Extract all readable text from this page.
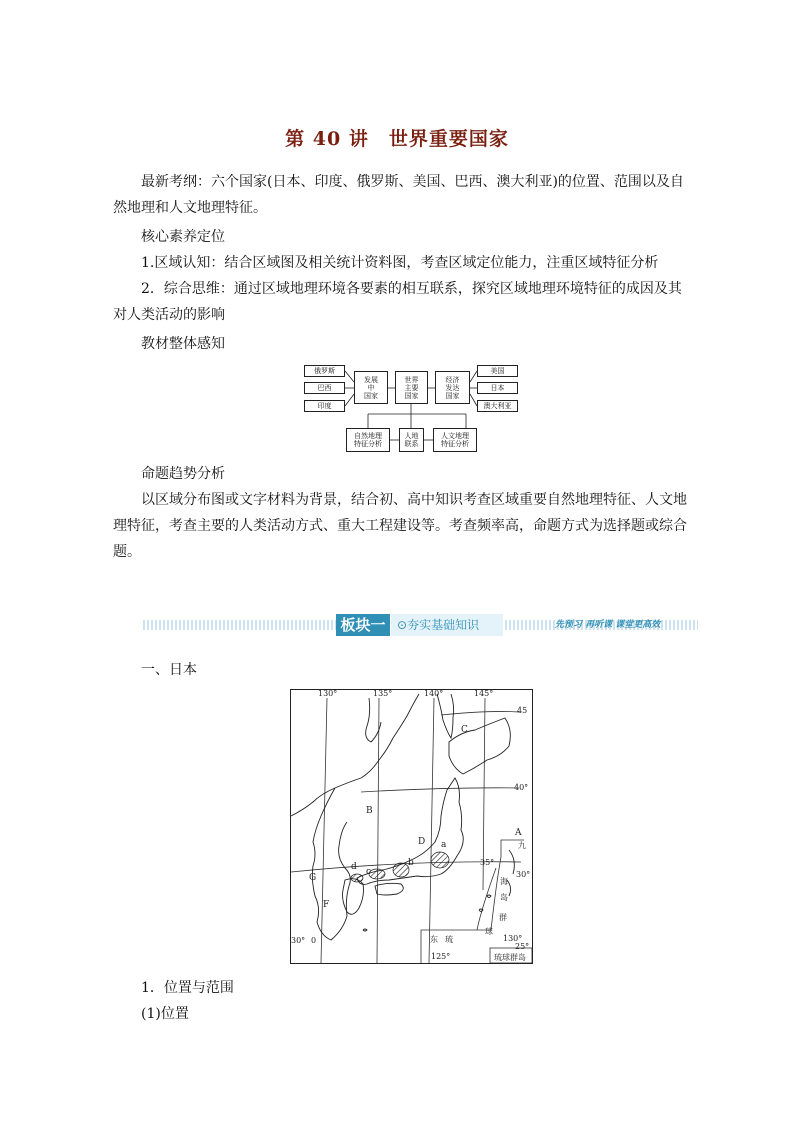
第 40 讲　世界重要国家
最新考纲：六个国家(日本、印度、俄罗斯、美国、巴西、澳大利亚)的位置、范围以及自然地理和人文地理特征。
核心素养定位
1.区域认知：结合区域图及相关统计资料图，考查区域定位能力，注重区域特征分析
2．综合思维：通过区域地理环境各要素的相互联系，探究区域地理环境特征的成因及其对人类活动的影响
教材整体感知
俄罗斯
巴西
印度
发展
中
国家
世界
主要
国家
经济
发达
国家
美国
日本
澳大利亚
自然地理
特征分析
人地
联系
人文地理
特征分析
命题趋势分析
以区域分布图或文字材料为背景，结合初、高中知识考查区域重要自然地理特征、人文地理特征，考查主要的人类活动方式、重大工程建设等。考查频率高，命题方式为选择题或综合题。
板块一 ⊙夯实基础知识	先预习 再听课 课堂更高效
一、日本
130°	135°	140°	145°
45
40°
35°
30°
30° 0
125°
130°
25°
A
B
C
D
F
G
a
b
c
d
东
海
岛
群
球
琉
九
琉球群岛
1．位置与范围
(1)位置
